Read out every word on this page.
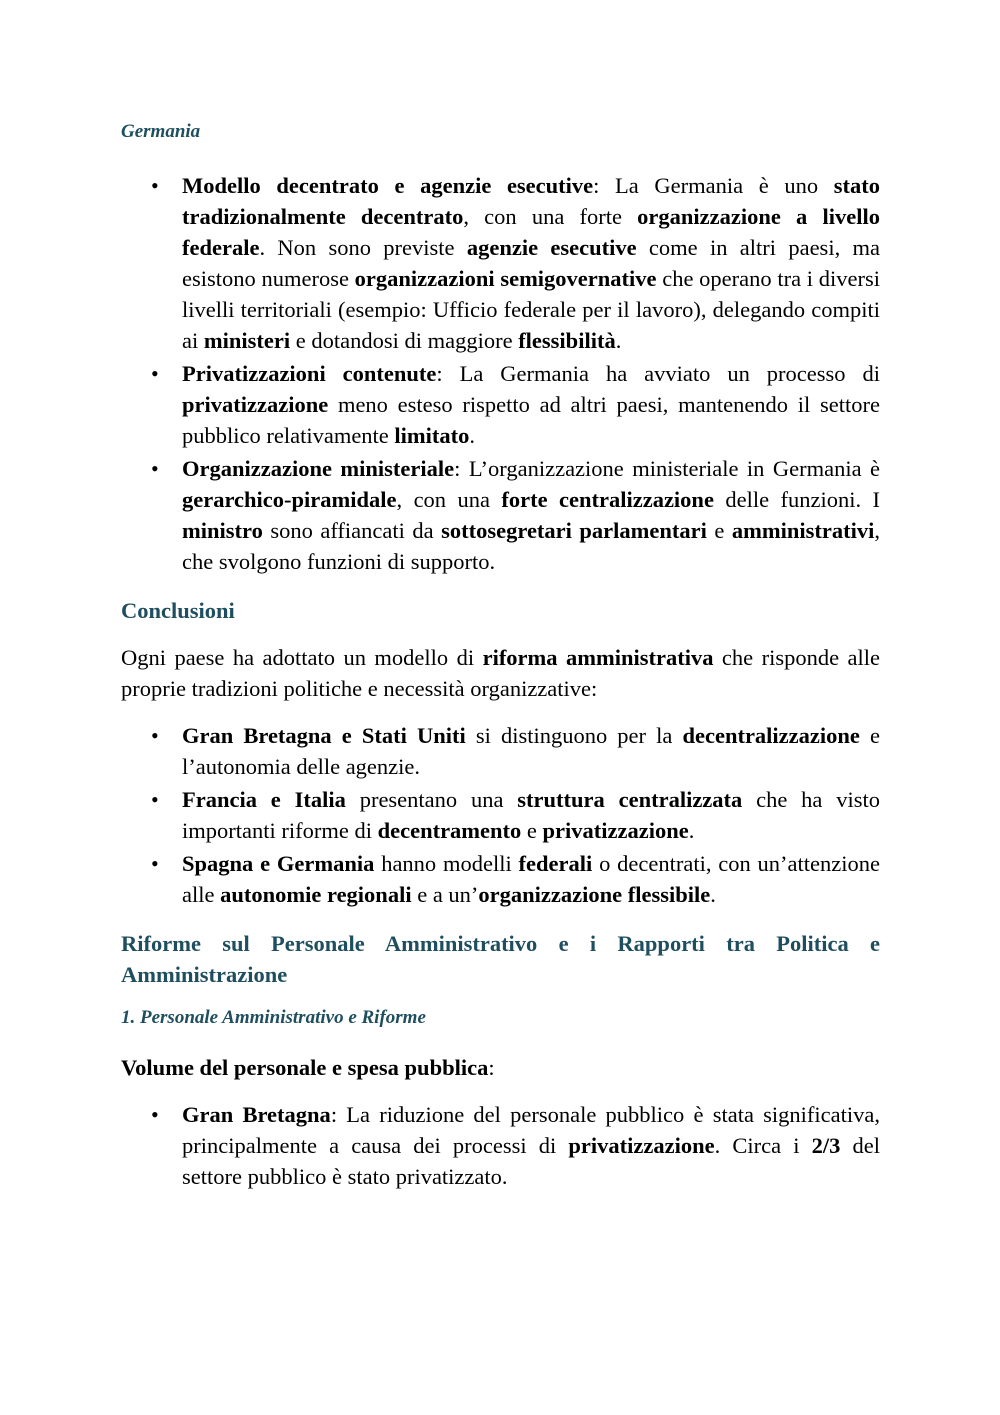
Germania
• Modello decentrato e agenzie esecutive: La Germania è uno stato tradizionalmente decentrato, con una forte organizzazione a livello federale. Non sono previste agenzie esecutive come in altri paesi, ma esistono numerose organizzazioni semigovernative che operano tra i diversi livelli territoriali (esempio: Ufficio federale per il lavoro), delegando compiti ai ministeri e dotandosi di maggiore flessibilità.
• Privatizzazioni contenute: La Germania ha avviato un processo di privatizzazione meno esteso rispetto ad altri paesi, mantenendo il settore pubblico relativamente limitato.
• Organizzazione ministeriale: L’organizzazione ministeriale in Germania è gerarchico-piramidale, con una forte centralizzazione delle funzioni. I ministro sono affiancati da sottosegretari parlamentari e amministrativi, che svolgono funzioni di supporto.
Conclusioni

Ogni paese ha adottato un modello di riforma amministrativa che risponde alle proprie tradizioni politiche e necessità organizzative:

• Gran Bretagna e Stati Uniti si distinguono per la decentralizzazione e l’autonomia delle agenzie.
• Francia e Italia presentano una struttura centralizzata che ha visto importanti riforme di decentramento e privatizzazione.
• Spagna e Germania hanno modelli federali o decentrati, con un’attenzione alle autonomie regionali e a un’organizzazione flessibile.
Riforme sul Personale Amministrativo e i Rapporti tra Politica e Amministrazione
1. Personale Amministrativo e Riforme

Volume del personale e spesa pubblica:

• Gran Bretagna: La riduzione del personale pubblico è stata significativa, principalmente a causa dei processi di privatizzazione. Circa i 2/3 del settore pubblico è stato privatizzato.
